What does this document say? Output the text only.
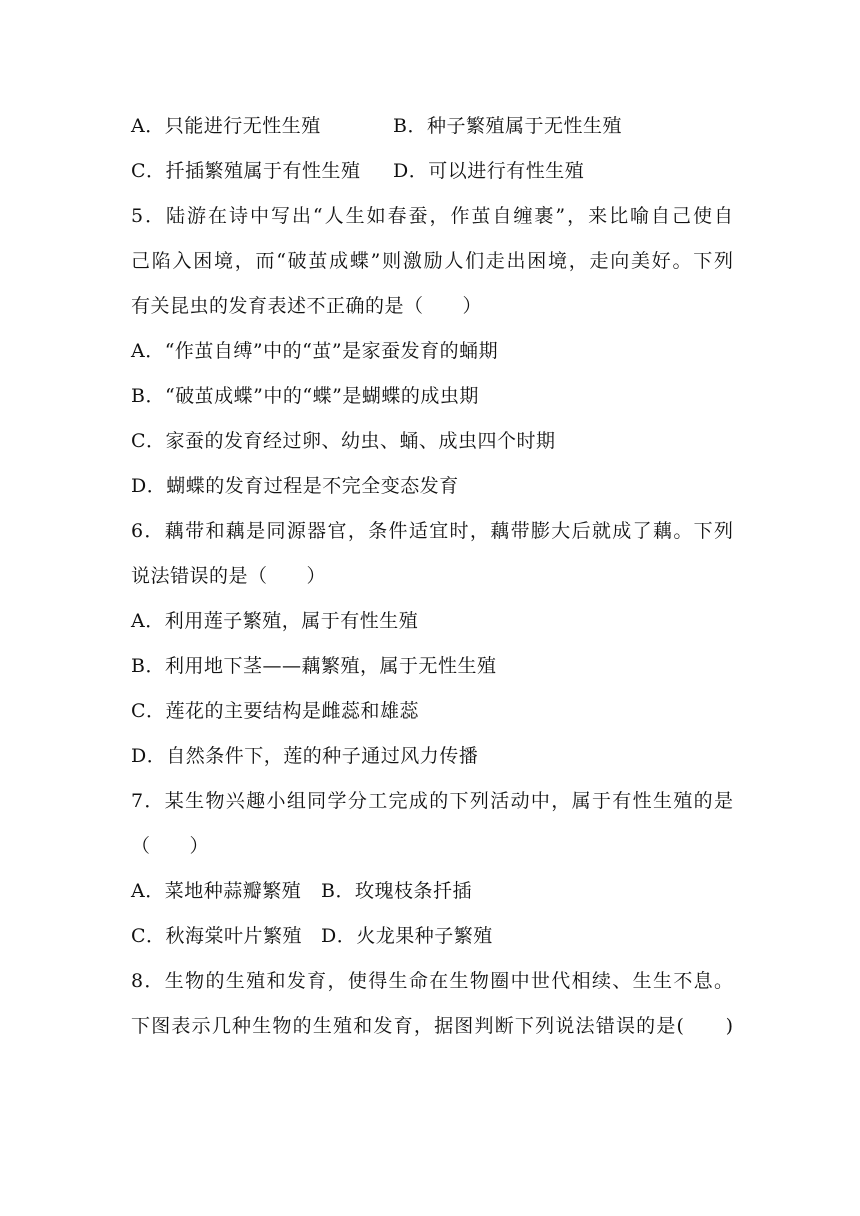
A．只能进行无性生殖	B．种子繁殖属于无性生殖
C．扦插繁殖属于有性生殖 D．可以进行有性生殖
5．陆游在诗中写出“人生如春蚕，作茧自缠裹”，来比喻自己使自
己陷入困境，而“破茧成蝶”则激励人们走出困境，走向美好。下列
有关昆虫的发育表述不正确的是（　　）
A．“作茧自缚”中的“茧”是家蚕发育的蛹期
B．“破茧成蝶”中的“蝶”是蝴蝶的成虫期
C．家蚕的发育经过卵、幼虫、蛹、成虫四个时期
D．蝴蝶的发育过程是不完全变态发育
6．藕带和藕是同源器官，条件适宜时，藕带膨大后就成了藕。下列
说法错误的是（　　）
A．利用莲子繁殖，属于有性生殖
B．利用地下茎——藕繁殖，属于无性生殖
C．莲花的主要结构是雌蕊和雄蕊
D．自然条件下，莲的种子通过风力传播
7．某生物兴趣小组同学分工完成的下列活动中，属于有性生殖的是
（　　）
A．菜地种蒜瓣繁殖 B．玫瑰枝条扦插
C．秋海棠叶片繁殖 D．火龙果种子繁殖
8．生物的生殖和发育，使得生命在生物圈中世代相续、生生不息。
下图表示几种生物的生殖和发育，据图判断下列说法错误的是(　　)
